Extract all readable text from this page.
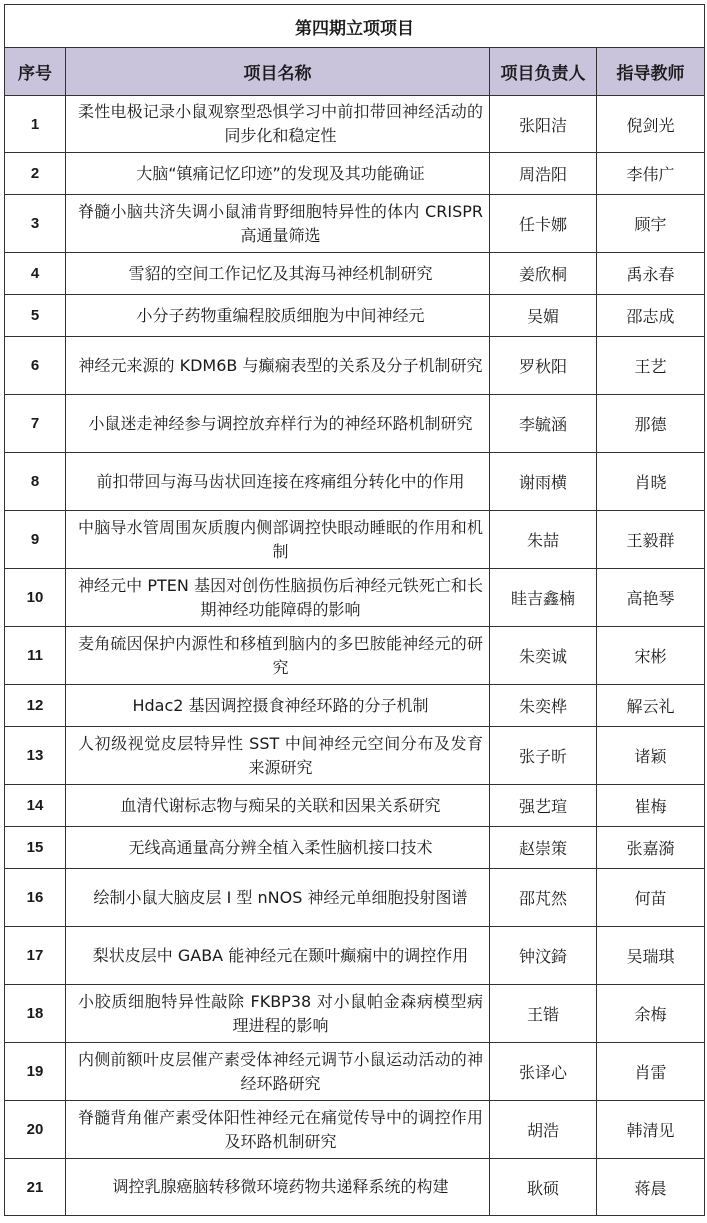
第四期立项项目			
序号	项目名称	项目负责人	指导教师
1	柔性电极记录小鼠观察型恐惧学习中前扣带回神经活动的同步化和稳定性	张阳洁	倪剑光
2	大脑“镇痛记忆印迹”的发现及其功能确证	周浩阳	李伟广
3	脊髓小脑共济失调小鼠浦肯野细胞特异性的体内 CRISPR 高通量筛选	任卡娜	顾宇
4	雪貂的空间工作记忆及其海马神经机制研究	姜欣桐	禹永春
5	小分子药物重编程胶质细胞为中间神经元	吴媚	邵志成
6	神经元来源的 KDM6B 与癫痫表型的关系及分子机制研究	罗秋阳	王艺
7	小鼠迷走神经参与调控放弃样行为的神经环路机制研究	李毓涵	那德
8	前扣带回与海马齿状回连接在疼痛组分转化中的作用	谢雨横	肖晓
9	中脑导水管周围灰质腹内侧部调控快眼动睡眠的作用和机制	朱喆	王毅群
10	神经元中 PTEN 基因对创伤性脑损伤后神经元铁死亡和长期神经功能障碍的影响	眭吉鑫楠	高艳琴
11	麦角硫因保护内源性和移植到脑内的多巴胺能神经元的研究	朱奕诚	宋彬
12	Hdac2 基因调控摄食神经环路的分子机制	朱奕桦	解云礼
13	人初级视觉皮层特异性 SST 中间神经元空间分布及发育来源研究	张子昕	诸颖
14	血清代谢标志物与痴呆的关联和因果关系研究	强艺瑄	崔梅
15	无线高通量高分辨全植入柔性脑机接口技术	赵崇策	张嘉漪
16	绘制小鼠大脑皮层 I 型 nNOS 神经元单细胞投射图谱	邵芃然	何苗
17	梨状皮层中 GABA 能神经元在颞叶癫痫中的调控作用	钟汶錡	吴瑞琪
18	小胶质细胞特异性敲除 FKBP38 对小鼠帕金森病模型病理进程的影响	王锴	余梅
19	内侧前额叶皮层催产素受体神经元调节小鼠运动活动的神经环路研究	张译心	肖雷
20	脊髓背角催产素受体阳性神经元在痛觉传导中的调控作用及环路机制研究	胡浩	韩清见
21	调控乳腺癌脑转移微环境药物共递释系统的构建	耿硕	蒋晨
